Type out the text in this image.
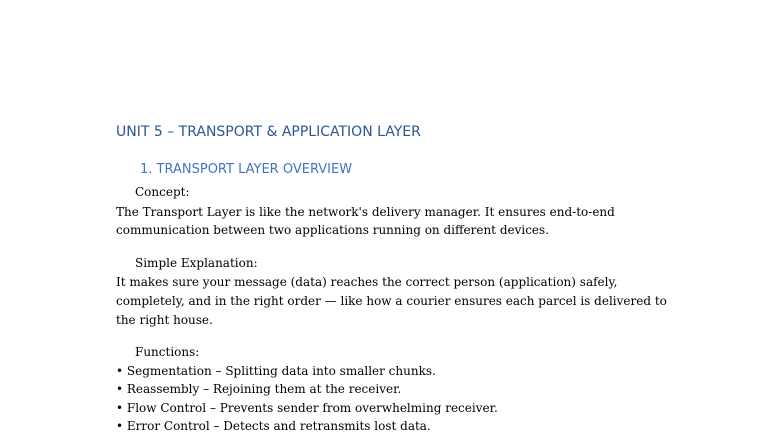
UNIT 5 – TRANSPORT & APPLICATION LAYER
1. TRANSPORT LAYER OVERVIEW

Concept:

The Transport Layer is like the network's delivery manager. It ensures end-to-end

communication between two applications running on different devices.

Simple Explanation:

It makes sure your message (data) reaches the correct person (application) safely,

completely, and in the right order — like how a courier ensures each parcel is delivered to

the right house.

Functions:

• Segmentation – Splitting data into smaller chunks.

• Reassembly – Rejoining them at the receiver.

• Flow Control – Prevents sender from overwhelming receiver.

• Error Control – Detects and retransmits lost data.
